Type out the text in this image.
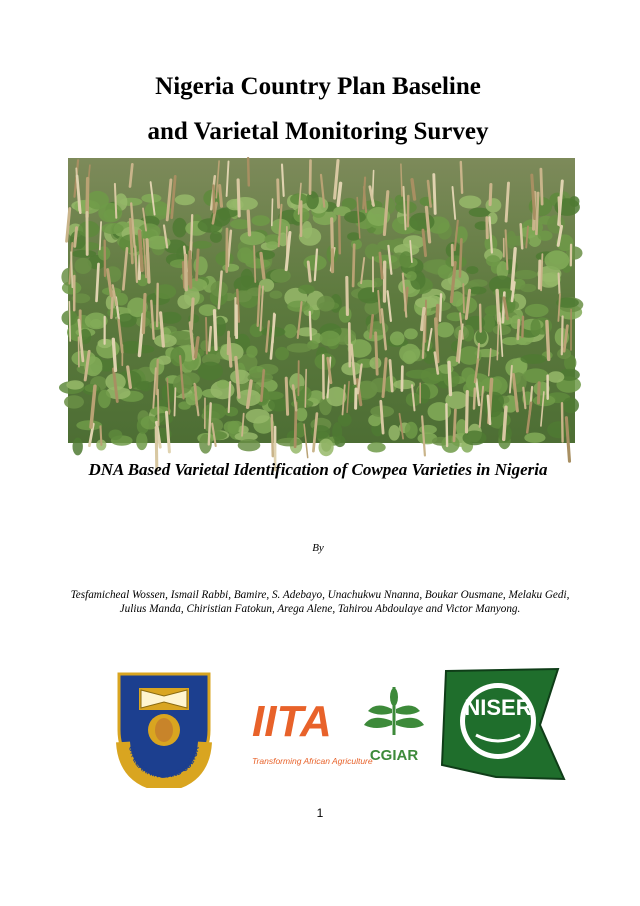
Nigeria Country Plan Baseline
and Varietal Monitoring Survey
DNA Based Varietal Identification of Cowpea Varieties in Nigeria
By
Tesfamicheal Wossen, Ismail Rabbi, Bamire, S. Adebayo, Unachukwu Nnanna, Boukar Ousmane, Melaku Gedi, Julius Manda, Chiristian Fatokun, Arega Alene, Tahirou Abdoulaye and Victor Manyong.
OR LEARNING AND CULTUR
IITA
Transforming African Agriculture
CGIAR
NISER
1
